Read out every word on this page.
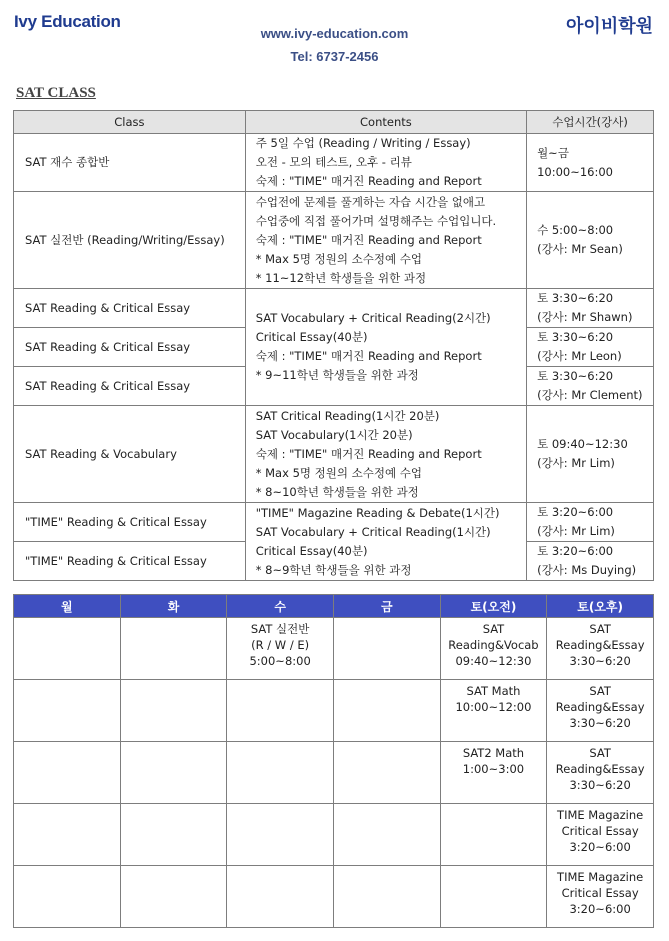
Ivy Education
www.ivy-education.com
Tel: 6737-2456
아이비학원
SAT CLASS
Class	Contents	수업시간(강사)
SAT 재수 종합반	주 5일 수업 (Reading / Writing / Essay)
오전 - 모의 테스트, 오후 - 리뷰
숙제 : "TIME" 매거진 Reading and Report	월~금 10:00~16:00
SAT 실전반 (Reading/Writing/Essay)	수업전에 문제를 풀게하는 자습 시간을 없애고
수업중에 직접 풀어가며 설명해주는 수업입니다.
숙제 : "TIME" 매거진 Reading and Report
* Max 5명 정원의 소수정예 수업
* 11~12학년 학생들을 위한 과정	수 5:00~8:00
(강사: Mr Sean)
SAT Reading & Critical Essay	SAT Vocabulary + Critical Reading(2시간)
Critical Essay(40분)
숙제 : "TIME" 매거진 Reading and Report
* 9~11학년 학생들을 위한 과정	토 3:30~6:20
(강사: Mr Shawn)
SAT Reading & Critical Essay		토 3:30~6:20
(강사: Mr Leon)
SAT Reading & Critical Essay		토 3:30~6:20
(강사: Mr Clement)
SAT Reading & Vocabulary	SAT Critical Reading(1시간 20분)
SAT Vocabulary(1시간 20분)
숙제 : "TIME" 매거진 Reading and Report
* Max 5명 정원의 소수정예 수업
* 8~10학년 학생들을 위한 과정	토 09:40~12:30
(강사: Mr Lim)
"TIME" Reading & Critical Essay	"TIME" Magazine Reading & Debate(1시간)
SAT Vocabulary + Critical Reading(1시간)
Critical Essay(40분)
* 8~9학년 학생들을 위한 과정	토 3:20~6:00
(강사: Mr Lim)
"TIME" Reading & Critical Essay		토 3:20~6:00
(강사: Ms Duying)
월	화	수	금	토(오전)	토(오후)
		SAT 실전반
(R / W / E)
5:00~8:00		SAT
Reading&Vocab
09:40~12:30	SAT
Reading&Essay
3:30~6:20
				SAT Math
10:00~12:00	SAT
Reading&Essay
3:30~6:20
				SAT2 Math
1:00~3:00	SAT
Reading&Essay
3:30~6:20
					TIME Magazine
Critical Essay
3:20~6:00
					TIME Magazine
Critical Essay
3:20~6:00
